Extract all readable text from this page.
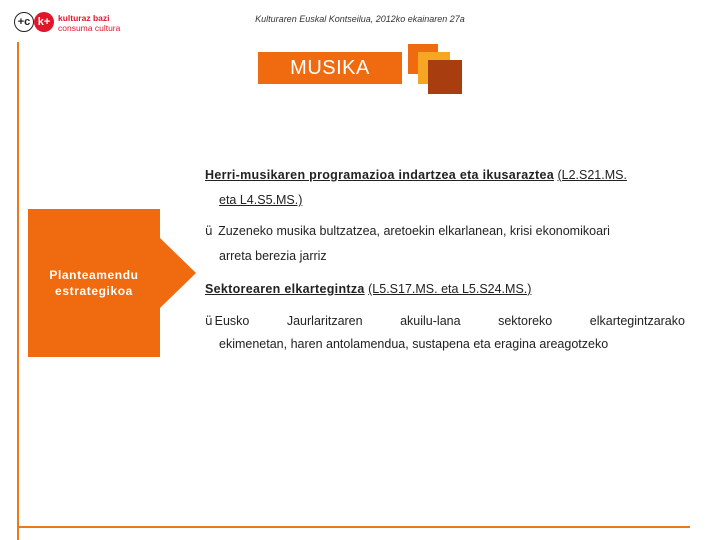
+c k+ kulturaz bazi
consuma cultura
Kulturaren Euskal Kontseilua, 2012ko ekainaren 27a
MUSIKA
Planteamendu estrategikoa
Herri-musikaren programazioa indartzea eta ikusaraztea (L2.S21.MS.
eta L4.S5.MS.)
ü Zuzeneko musika bultzatzea, aretoekin elkarlanean, krisi ekonomikoari
arreta berezia jarriz
Sektorearen elkartegintza (L5.S17.MS. eta L5.S24.MS.)
ü Eusko	Jaurlaritzaren	akuilu-lana	sektoreko	elkartegintzarako
ekimenetan, haren antolamendua, sustapena eta eragina areagotzeko
